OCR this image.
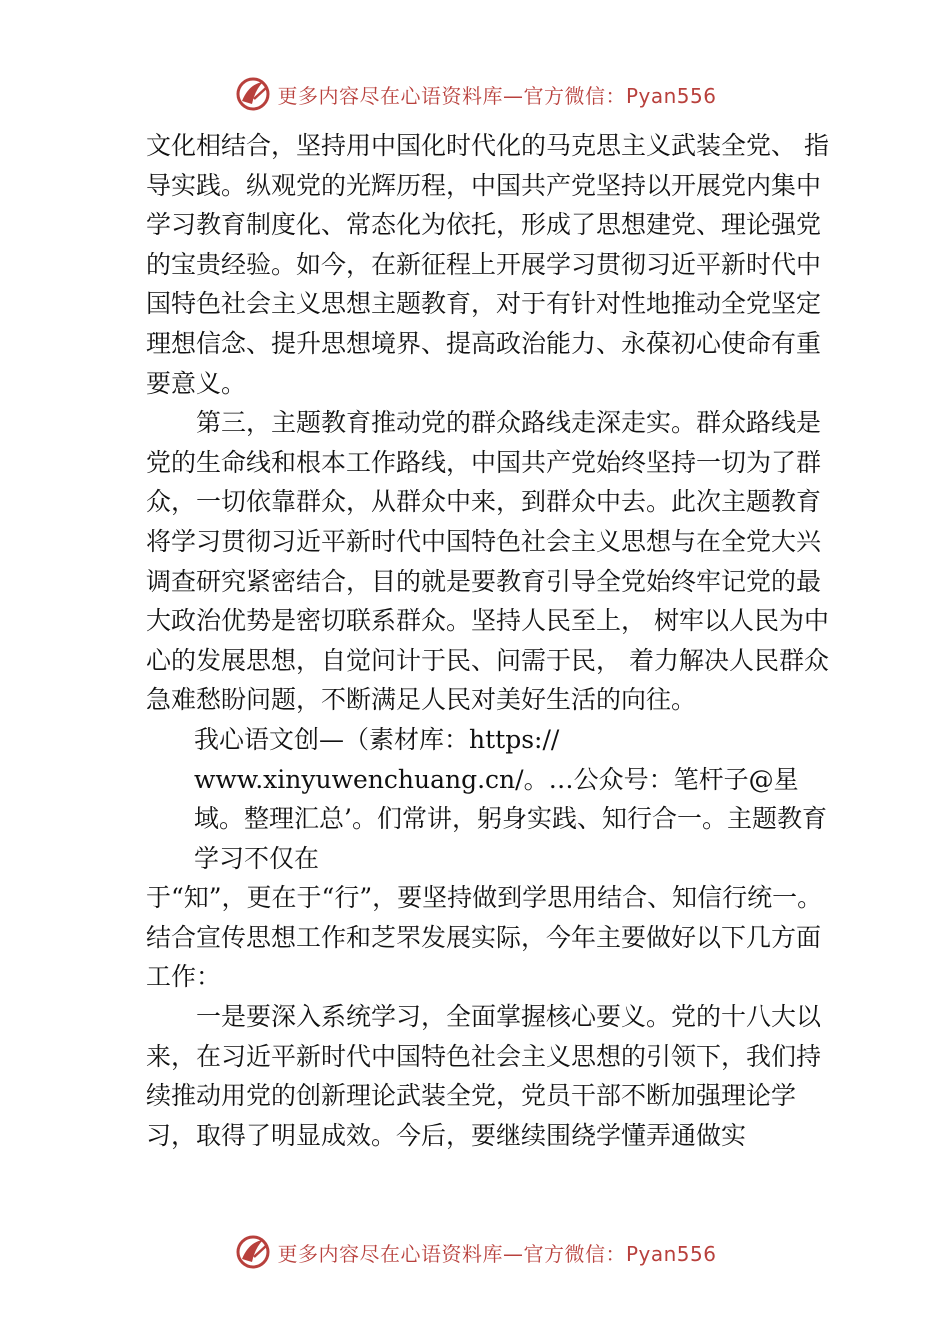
更多内容尽在心语资料库—官方微信：Pyan556

文化相结合，坚持用中国化时代化的马克思主义武装全党、 指导实践。纵观党的光辉历程，中国共产党坚持以开展党内集中学习教育制度化、常态化为依托，形成了思想建党、理论强党的宝贵经验。如今，在新征程上开展学习贯彻习近平新时代中国特色社会主义思想主题教育，对于有针对性地推动全党坚定理想信念、提升思想境界、提高政治能力、永葆初心使命有重要意义。

第三，主题教育推动党的群众路线走深走实。群众路线是党的生命线和根本工作路线，中国共产党始终坚持一切为了群众，一切依靠群众，从群众中来，到群众中去。此次主题教育将学习贯彻习近平新时代中国特色社会主义思想与在全党大兴调查研究紧密结合，目的就是要教育引导全党始终牢记党的最大政治优势是密切联系群众。坚持人民至上， 树牢以人民为中心的发展思想，自觉问计于民、问需于民， 着力解决人民群众急难愁盼问题，不断满足人民对美好生活的向往。

我心语文创—（素材库：https:// www.xinyuwenchuang.cn/。…公众号：笔杆子@星域。整理汇总’。们常讲，躬身实践、知行合一。主题教育学习不仅在

于“知”，更在于“行”，要坚持做到学思用结合、知信行统一。结合宣传思想工作和芝罘发展实际，今年主要做好以下几方面工作：

一是要深入系统学习，全面掌握核心要义。党的十八大以来，在习近平新时代中国特色社会主义思想的引领下，我们持续推动用党的创新理论武装全党，党员干部不断加强理论学习，取得了明显成效。今后，要继续围绕学懂弄通做实

更多内容尽在心语资料库—官方微信：Pyan556
